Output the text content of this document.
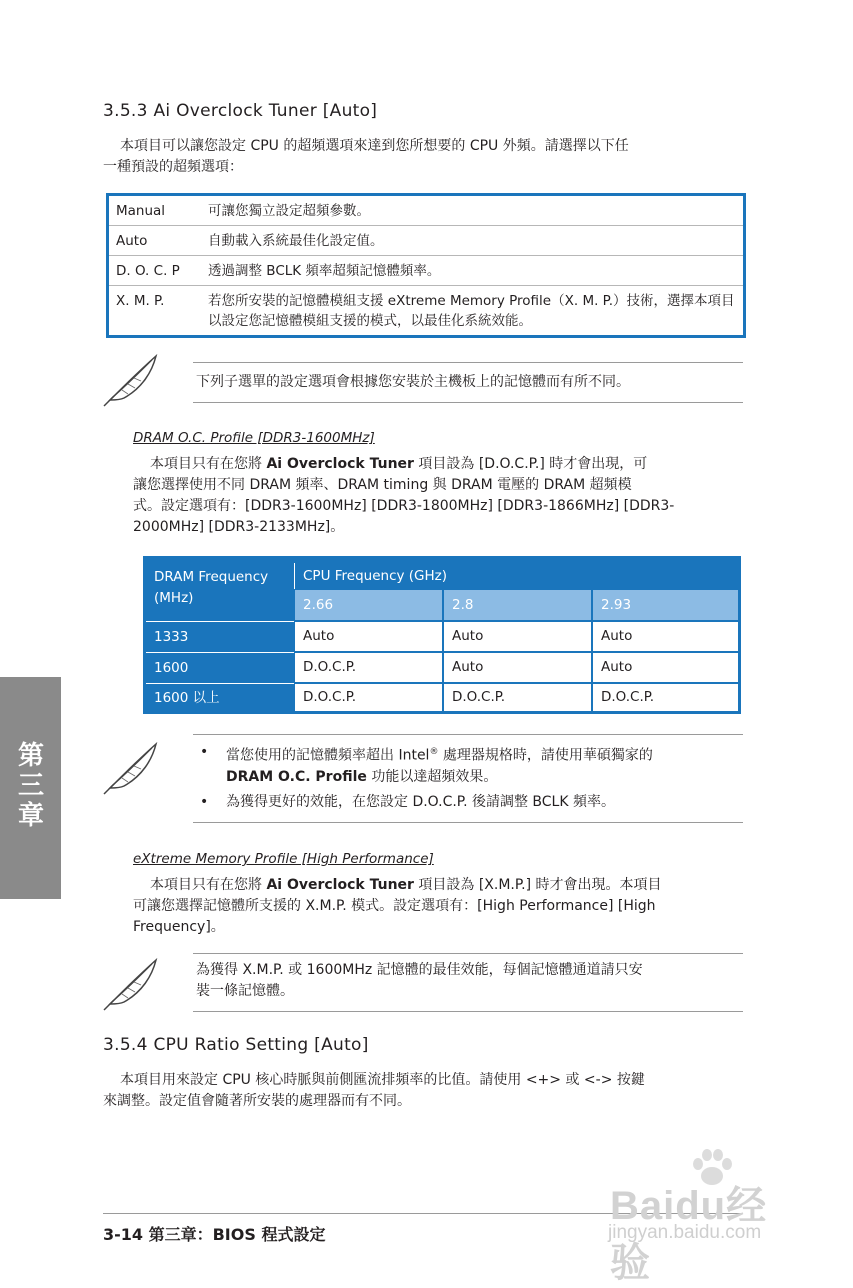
3.5.3 Ai Overclock Tuner [Auto]
本項目可以讓您設定 CPU 的超頻選項來達到您所想要的 CPU 外頻。請選擇以下任
一種預設的超頻選項：
Manual	可讓您獨立設定超頻參數。
Auto	自動載入系統最佳化設定值。
D. O. C. P	透過調整 BCLK 頻率超頻記憶體頻率。
X. M. P.	若您所安裝的記憶體模組支援 eXtreme Memory Profile（X. M. P.）技術，選擇本項目以設定您記憶體模組支援的模式，以最佳化系統效能。
下列子選單的設定選項會根據您安裝於主機板上的記憶體而有所不同。
DRAM O.C. Profile [DDR3-1600MHz]
本項目只有在您將 Ai Overclock Tuner 項目設為 [D.O.C.P.] 時才會出現，可
讓您選擇使用不同 DRAM 頻率、DRAM timing 與 DRAM 電壓的 DRAM 超頻模
式。設定選項有：[DDR3-1600MHz] [DDR3-1800MHz] [DDR3-1866MHz] [DDR3-
2000MHz] [DDR3-2133MHz]。
DRAM Frequency
(MHz)
CPU Frequency (GHz)
2.66	2.8	2.93
1333	Auto	Auto	Auto
1600	D.O.C.P.	Auto	Auto
1600 以上	D.O.C.P.	D.O.C.P.	D.O.C.P.
• 當您使用的記憶體頻率超出 Intel® 處理器規格時，請使用華碩獨家的
DRAM O.C. Profile 功能以達超頻效果。
• 為獲得更好的效能，在您設定 D.O.C.P. 後請調整 BCLK 頻率。
eXtreme Memory Profile [High Performance]
本項目只有在您將 Ai Overclock Tuner 項目設為 [X.M.P.] 時才會出現。本項目
可讓您選擇記憶體所支援的 X.M.P. 模式。設定選項有：[High Performance] [High
Frequency]。
為獲得 X.M.P. 或 1600MHz 記憶體的最佳效能，每個記憶體通道請只安
裝一條記憶體。
3.5.4 CPU Ratio Setting [Auto]
本項目用來設定 CPU 核心時脈與前側匯流排頻率的比值。請使用 <+> 或 <-> 按鍵
來調整。設定值會隨著所安裝的處理器而有不同。
第三章
3-14 第三章：BIOS 程式設定
Baidu经验
jingyan.baidu.com
